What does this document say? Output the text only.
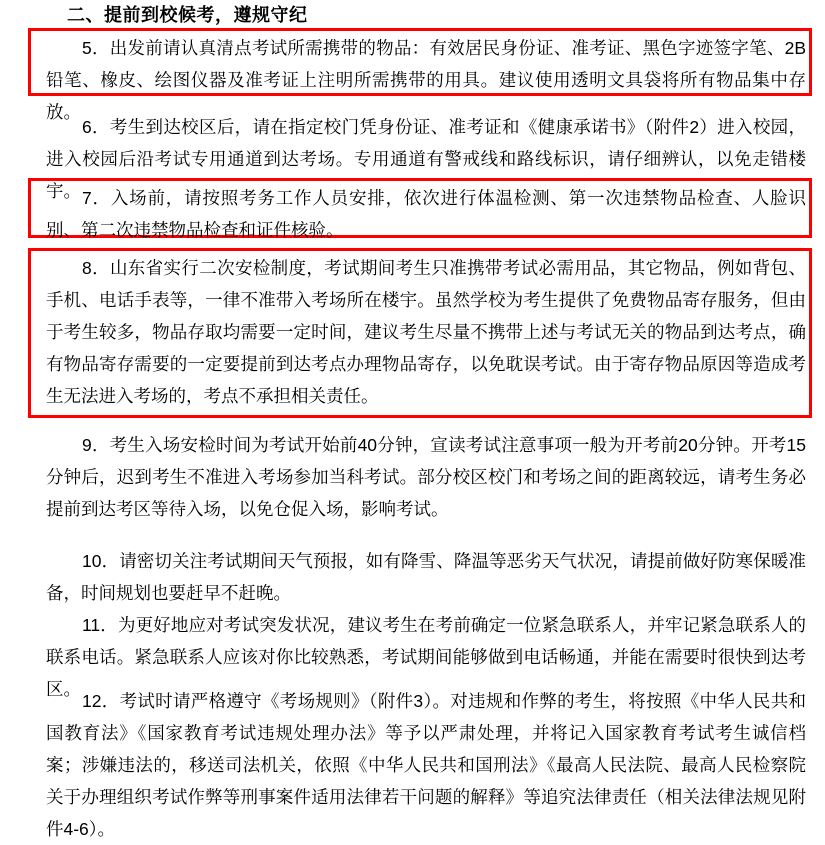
二、提前到校候考，遵规守纪

5．出发前请认真清点考试所需携带的物品：有效居民身份证、准考证、黑色字迹签字笔、2B铅笔、橡皮、绘图仪器及准考证上注明所需携带的用具。建议使用透明文具袋将所有物品集中存放。

6．考生到达校区后，请在指定校门凭身份证、准考证和《健康承诺书》（附件2）进入校园，进入校园后沿考试专用通道到达考场。专用通道有警戒线和路线标识，请仔细辨认，以免走错楼宇。 7．入场前，请按照考务工作人员安排，依次进行体温检测、第一次违禁物品检查、人脸识别、第二次违禁物品检查和证件核验。

8．山东省实行二次安检制度，考试期间考生只准携带考试必需用品，其它物品，例如背包、手机、电话手表等，一律不准带入考场所在楼宇。虽然学校为考生提供了免费物品寄存服务，但由于考生较多，物品存取均需要一定时间，建议考生尽量不携带上述与考试无关的物品到达考点，确有物品寄存需要的一定要提前到达考点办理物品寄存，以免耽误考试。由于寄存物品原因等造成考生无法进入考场的，考点不承担相关责任。

9．考生入场安检时间为考试开始前40分钟，宣读考试注意事项一般为开考前20分钟。开考15分钟后，迟到考生不准进入考场参加当科考试。部分校区校门和考场之间的距离较远，请考生务必提前到达考区等待入场，以免仓促入场，影响考试。

10．请密切关注考试期间天气预报，如有降雪、降温等恶劣天气状况，请提前做好防寒保暖准备，时间规划也要赶早不赶晚。

11．为更好地应对考试突发状况，建议考生在考前确定一位紧急联系人，并牢记紧急联系人的联系电话。紧急联系人应该对你比较熟悉，考试期间能够做到电话畅通，并能在需要时很快到达考区。

12．考试时请严格遵守《考场规则》（附件3）。对违规和作弊的考生，将按照《中华人民共和国教育法》《国家教育考试违规处理办法》等予以严肃处理，并将记入国家教育考试考生诚信档案；涉嫌违法的，移送司法机关，依照《中华人民共和国刑法》《最高人民法院、最高人民检察院关于办理组织考试作弊等刑事案件适用法律若干问题的解释》等追究法律责任（相关法律法规见附件4-6）。
